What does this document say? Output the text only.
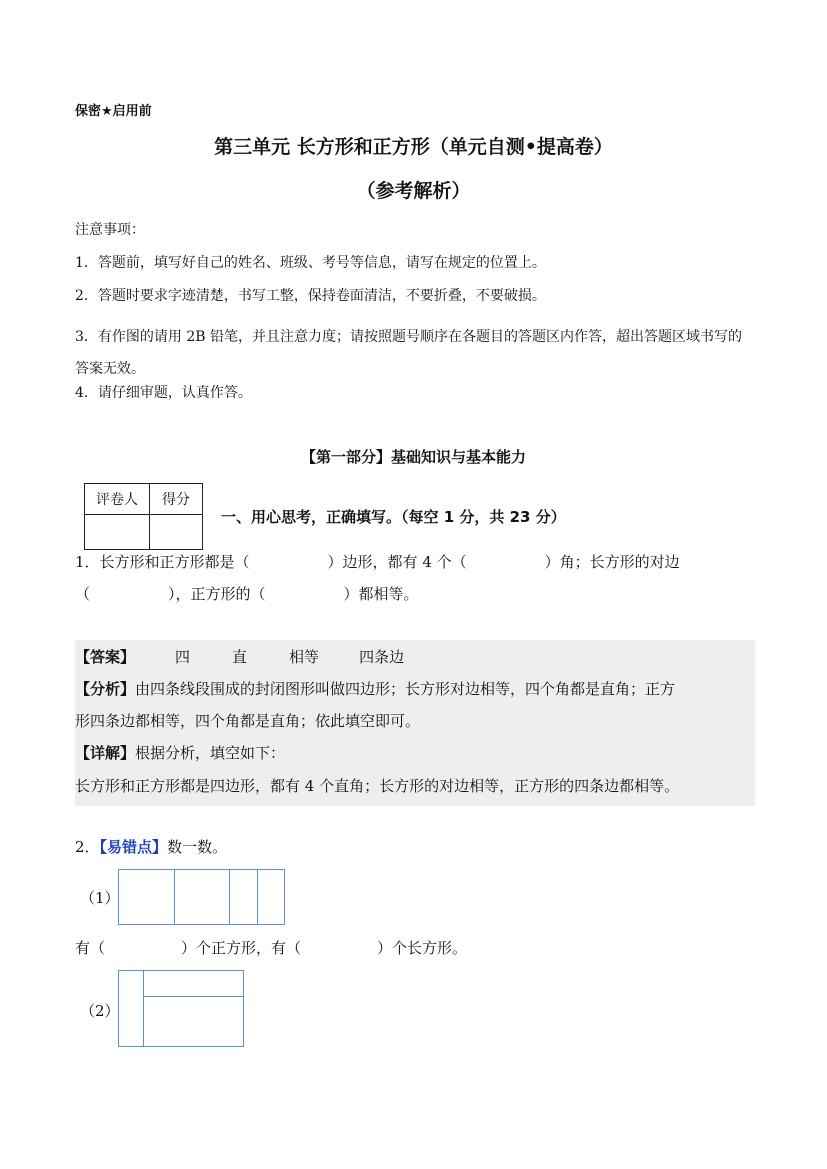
保密★启用前
第三单元 长方形和正方形（单元自测•提高卷）
（参考解析）
注意事项：
1．答题前，填写好自己的姓名、班级、考号等信息，请写在规定的位置上。
2．答题时要求字迹清楚，书写工整，保持卷面清洁，不要折叠，不要破损。
3．有作图的请用 2B 铅笔，并且注意力度；请按照题号顺序在各题目的答题区内作答，超出答题区域书写的答案无效。
4．请仔细审题，认真作答。
【第一部分】基础知识与基本能力
评卷人	得分

一、用心思考，正确填写。（每空 1 分，共 23 分）
1．长方形和正方形都是（	）边形，都有 4 个（	）角；长方形的对边
（	），正方形的（	）都相等。
【答案】	四	直	相等	四条边
【分析】由四条线段围成的封闭图形叫做四边形；长方形对边相等，四个角都是直角；正方
形四条边都相等，四个角都是直角；依此填空即可。
【详解】根据分析，填空如下：
长方形和正方形都是四边形，都有 4 个直角；长方形的对边相等，正方形的四条边都相等。
2．【易错点】数一数。
（1）
有（	）个正方形，有（	）个长方形。
（2）
